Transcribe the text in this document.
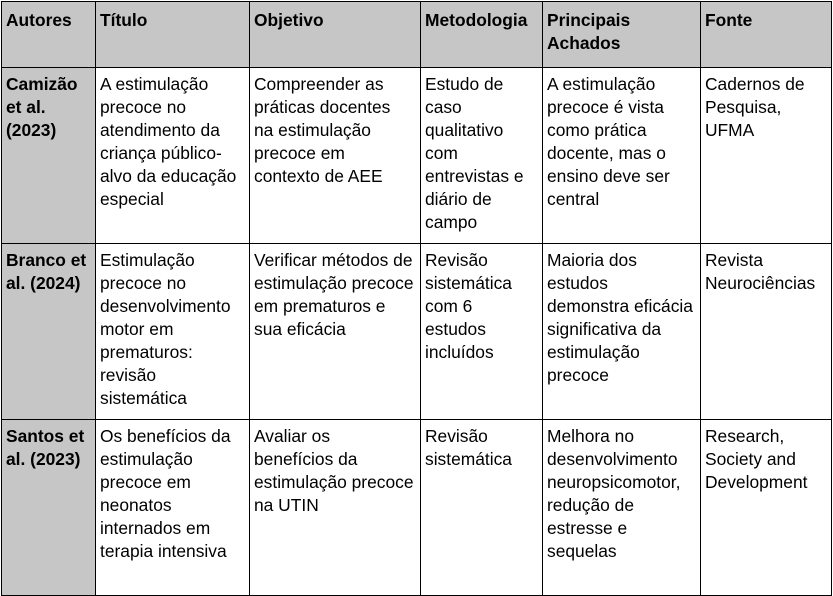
Autores	Título	Objetivo	Metodologia	Principais Achados	Fonte
Camizão et al. (2023)	A estimulação precoce no atendimento da criança público-alvo da educação especial	Compreender as práticas docentes na estimulação precoce em contexto de AEE	Estudo de caso qualitativo com entrevistas e diário de campo	A estimulação precoce é vista como prática docente, mas o ensino deve ser central	Cadernos de Pesquisa, UFMA
Branco et al. (2024)	Estimulação precoce no desenvolvimento motor em prematuros: revisão sistemática	Verificar métodos de estimulação precoce em prematuros e sua eficácia	Revisão sistemática com 6 estudos incluídos	Maioria dos estudos demonstra eficácia significativa da estimulação precoce	Revista Neurociências
Santos et al. (2023)	Os benefícios da estimulação precoce em neonatos internados em terapia intensiva	Avaliar os benefícios da estimulação precoce na UTIN	Revisão sistemática	Melhora no desenvolvimento neuropsicomotor, redução de estresse e sequelas	Research, Society and Development
